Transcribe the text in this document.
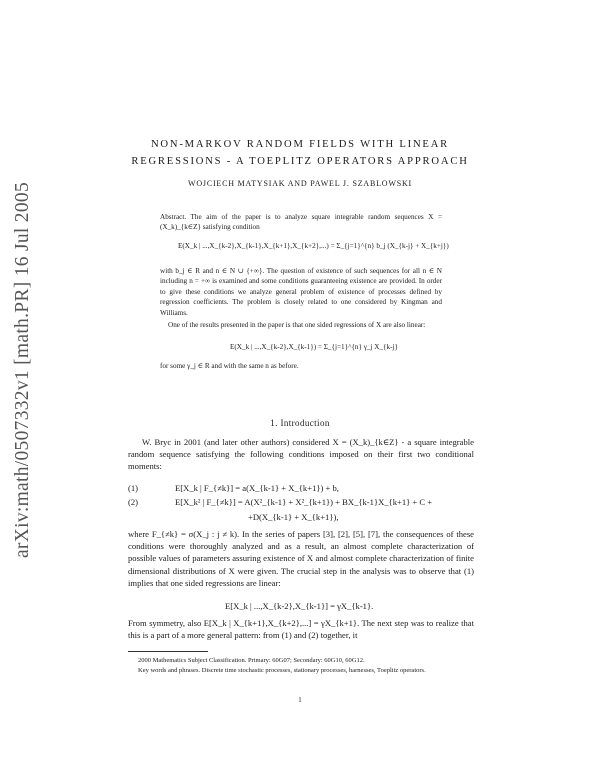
arXiv:math/0507332v1 [math.PR] 16 Jul 2005
NON-MARKOV RANDOM FIELDS WITH LINEAR
REGRESSIONS - A TOEPLITZ OPERATORS APPROACH
WOJCIECH MATYSIAK AND PAWEL J. SZABLOWSKI
Abstract. The aim of the paper is to analyze square integrable random sequences X = (X_k)_{k∈Z} satisfying condition
E(X_k | ...,X_{k-2},X_{k-1},X_{k+1},X_{k+2},...) = Σ_{j=1}^{n} b_j (X_{k-j} + X_{k+j})
with b_j ∈ R and n ∈ N ∪ {+∞}. The question of existence of such sequences for all n ∈ N including n = +∞ is examined and some conditions guaranteeing existence are provided. In order to give these conditions we analyze general problem of existence of processes defined by regression coefficients. The problem is closely related to one considered by Kingman and Williams.
One of the results presented in the paper is that one sided regressions of X are also linear:
E(X_k | ...,X_{k-2},X_{k-1}) = Σ_{j=1}^{n} γ_j X_{k-j}
for some γ_j ∈ R and with the same n as before.
1. Introduction
W. Bryc in 2001 (and later other authors) considered X = (X_k)_{k∈Z} - a square integrable random sequence satisfying the following conditions imposed on their first two conditional moments:
(1)	E[X_k | F_{≠k}] = a(X_{k-1} + X_{k+1}) + b,
(2)	E[X_k² | F_{≠k}] = A(X²_{k-1} + X²_{k+1}) + BX_{k-1}X_{k+1} + C +
+D(X_{k-1} + X_{k+1}),
where F_{≠k} = σ(X_j : j ≠ k). In the series of papers [3], [2], [5], [7], the consequences of these conditions were thoroughly analyzed and as a result, an almost complete characterization of possible values of parameters assuring existence of X and almost complete characterization of finite dimensional distributions of X were given. The crucial step in the analysis was to observe that (1) implies that one sided regressions are linear:
E[X_k | ...,X_{k-2},X_{k-1}] = γX_{k-1}.
From symmetry, also E[X_k | X_{k+1},X_{k+2},...] = γX_{k+1}. The next step was to realize that this is a part of a more general pattern: from (1) and (2) together, it
2000 Mathematics Subject Classification. Primary: 60G07; Secondary: 60G10, 60G12.
Key words and phrases. Discrete time stochastic processes, stationary processes, harnesses, Toeplitz operators.
1
